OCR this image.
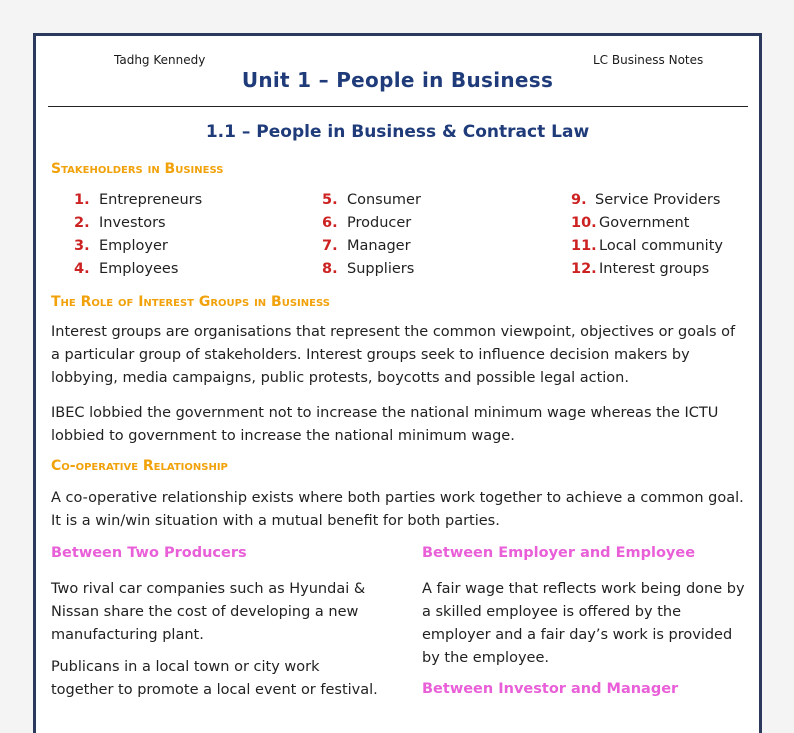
Tadhg Kennedy	LC Business Notes
Unit 1 – People in Business
1.1 – People in Business & Contract Law
Stakeholders in Business
1. Entrepreneurs
2. Investors
3. Employer
4. Employees
5. Consumer
6. Producer
7. Manager
8. Suppliers
9. Service Providers
10. Government
11. Local community
12. Interest groups
The Role of Interest Groups in Business
Interest groups are organisations that represent the common viewpoint, objectives or goals of a particular group of stakeholders. Interest groups seek to influence decision makers by lobbying, media campaigns, public protests, boycotts and possible legal action.
IBEC lobbied the government not to increase the national minimum wage whereas the ICTU lobbied to government to increase the national minimum wage.
Co-operative Relationship
A co-operative relationship exists where both parties work together to achieve a common goal. It is a win/win situation with a mutual benefit for both parties.
Between Two Producers
Two rival car companies such as Hyundai & Nissan share the cost of developing a new manufacturing plant.
Publicans in a local town or city work together to promote a local event or festival.
Between Employer and Employee
A fair wage that reflects work being done by a skilled employee is offered by the employer and a fair day’s work is provided by the employee.
Between Investor and Manager
